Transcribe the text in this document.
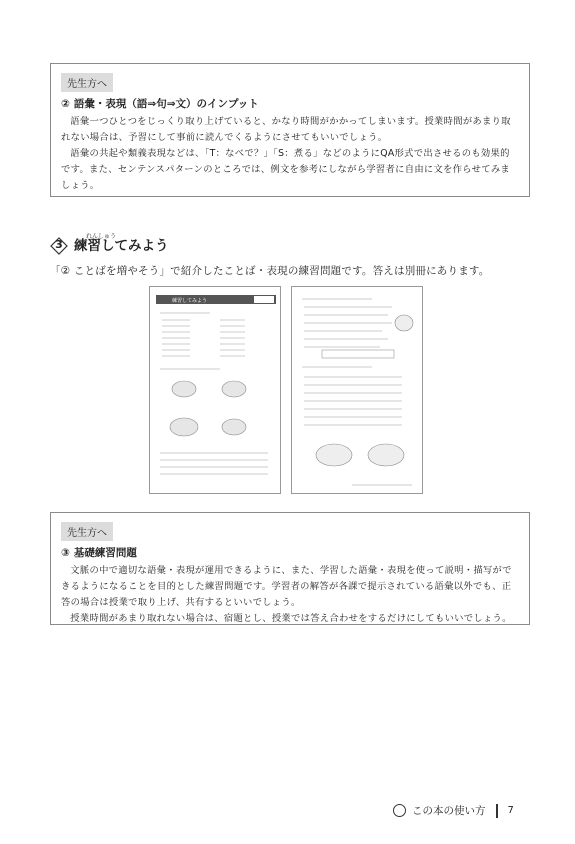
先生方へ
② 語彙・表現（語⇒句⇒文）のインプット

語彙一つひとつをじっくり取り上げていると、かなり時間がかかってしまいます。授業時間があまり取れない場合は、予習にして事前に読んでくるようにさせてもいいでしょう。

語彙の共起や類義表現などは、「T：なべで？」「S：煮る」などのようにQA形式で出させるのも効果的です。また、センテンスパターンのところでは、例文を参考にしながら学習者に自由に文を作らせてみましょう。

れんしゅう
3 練習してみよう
「② ことばを増やそう」で紹介したことば・表現の練習問題です。答えは別冊にあります。
練習してみよう
先生方へ
③ 基礎練習問題

文脈の中で適切な語彙・表現が運用できるように、また、学習した語彙・表現を使って説明・描写ができるようになることを目的とした練習問題です。学習者の解答が各課で提示されている語彙以外でも、正答の場合は授業で取り上げ、共有するといいでしょう。

授業時間があまり取れない場合は、宿題とし、授業では答え合わせをするだけにしてもいいでしょう。

この本の使い方 7
